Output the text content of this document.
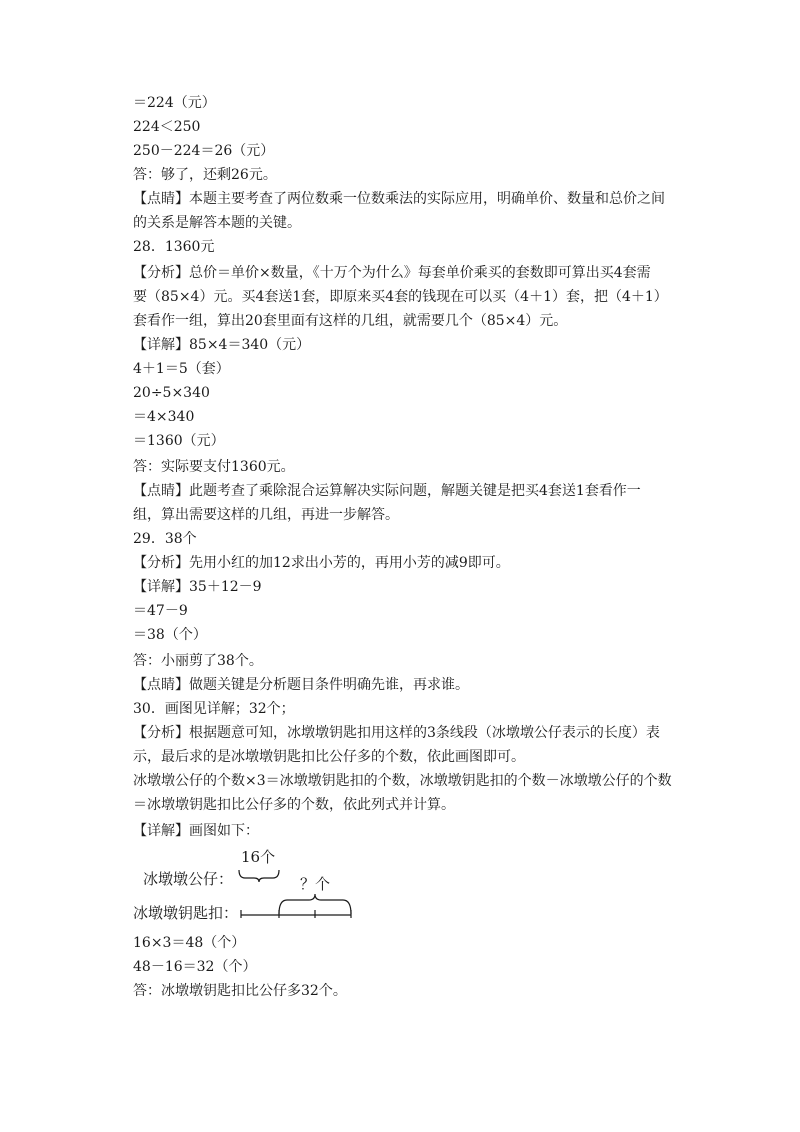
＝224（元）
224＜250
250－224＝26（元）
答：够了，还剩26元。
【点睛】本题主要考查了两位数乘一位数乘法的实际应用，明确单价、数量和总价之间
的关系是解答本题的关键。
28．1360元
【分析】总价＝单价×数量，《十万个为什么》每套单价乘买的套数即可算出买4套需
要（85×4）元。买4套送1套，即原来买4套的钱现在可以买（4＋1）套，把（4＋1）
套看作一组，算出20套里面有这样的几组，就需要几个（85×4）元。
【详解】85×4＝340（元）
4＋1＝5（套）
20÷5×340
＝4×340
＝1360（元）
答：实际要支付1360元。
【点睛】此题考查了乘除混合运算解决实际问题，解题关键是把买4套送1套看作一
组，算出需要这样的几组，再进一步解答。
29．38个
【分析】先用小红的加12求出小芳的，再用小芳的减9即可。
【详解】35＋12－9
＝47－9
＝38（个）
答：小丽剪了38个。
【点睛】做题关键是分析题目条件明确先谁，再求谁。
30．画图见详解；32个；
【分析】根据题意可知，冰墩墩钥匙扣用这样的3条线段（冰墩墩公仔表示的长度）表
示，最后求的是冰墩墩钥匙扣比公仔多的个数，依此画图即可。
冰墩墩公仔的个数×3＝冰墩墩钥匙扣的个数，冰墩墩钥匙扣的个数－冰墩墩公仔的个数
＝冰墩墩钥匙扣比公仔多的个数，依此列式并计算。
【详解】画图如下：
16个
冰墩墩公仔：	？个
冰墩墩钥匙扣：
16×3＝48（个）
48－16＝32（个）
答：冰墩墩钥匙扣比公仔多32个。
